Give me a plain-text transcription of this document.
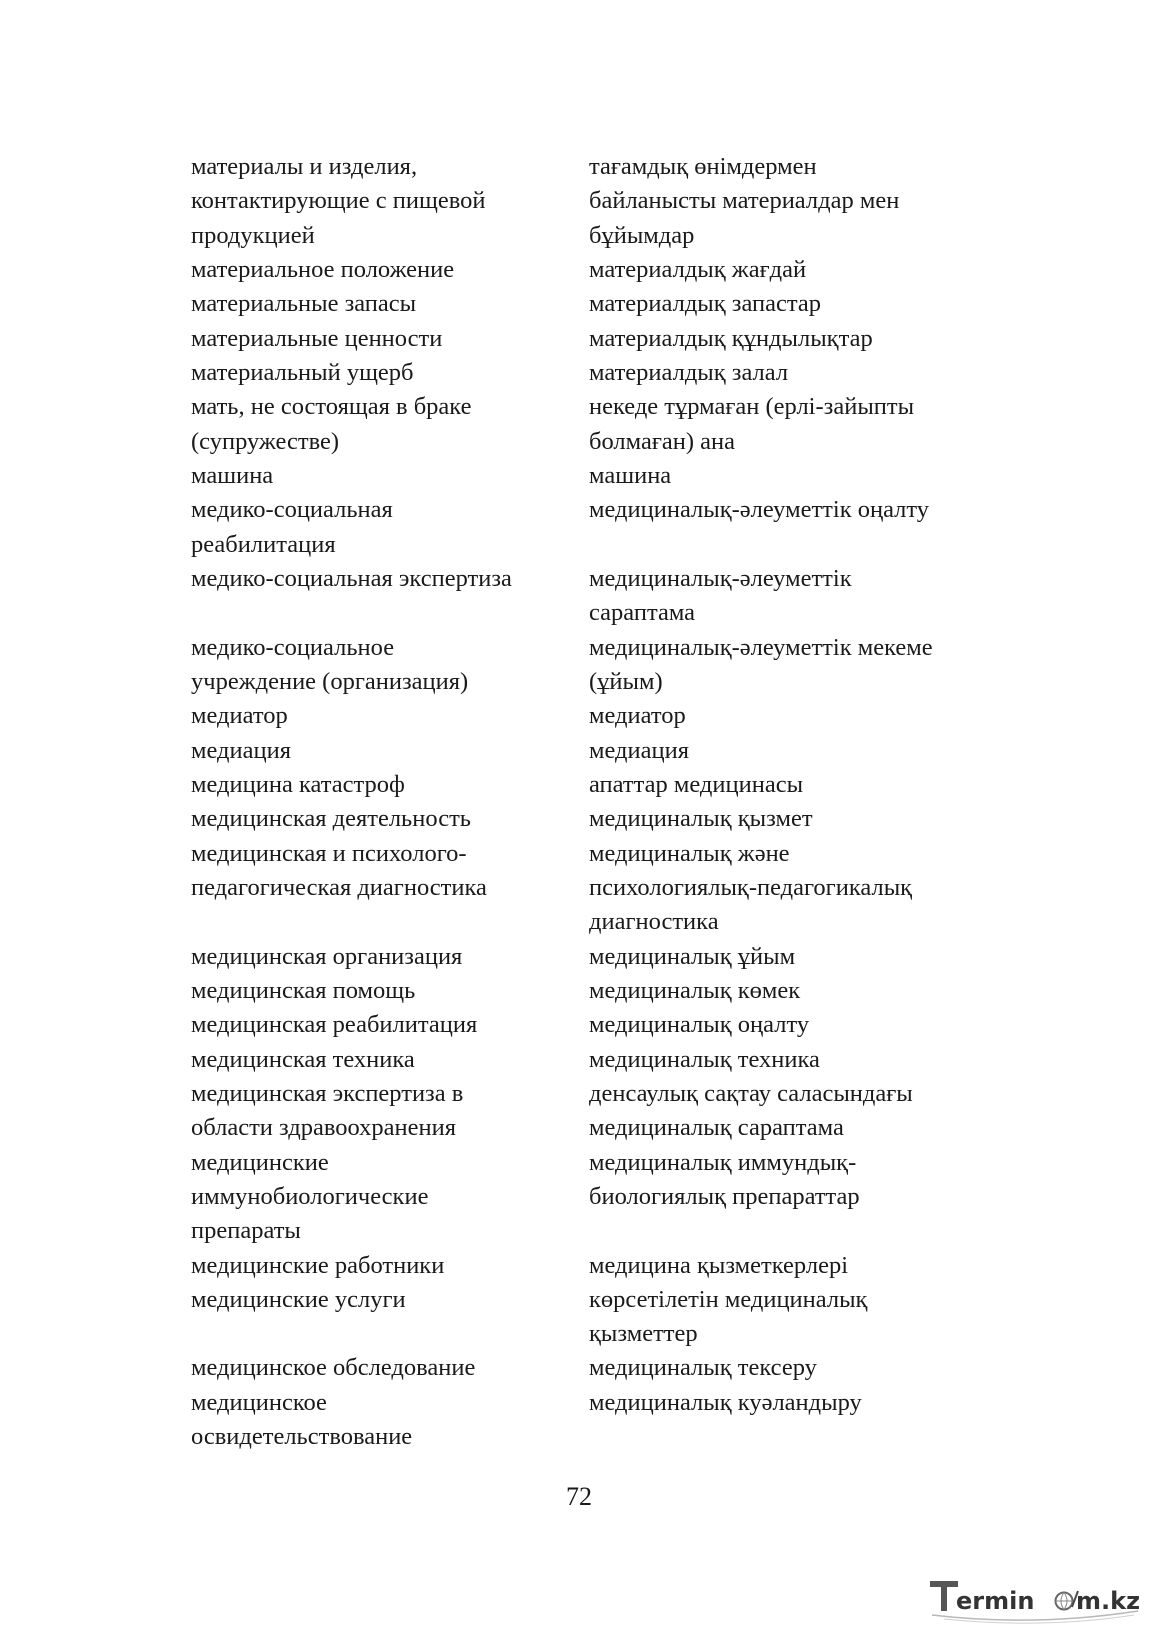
материалы и изделия,	тағамдық өнімдермен
контактирующие с пищевой	байланысты материалдар мен
продукцией	бұйымдар
материальное положение	материалдық жағдай
материальные запасы	материалдық запастар
материальные ценности	материалдық құндылықтар
материальный ущерб	материалдық залал
мать, не состоящая в браке	некеде тұрмаған (ерлі-зайыпты
(супружестве)	болмаған) ана
машина	машина
медико-социальная	медициналық-әлеуметтік оңалту
реабилитация
медико-социальная экспертиза	медициналық-әлеуметтік
сараптама
медико-социальное	медициналық-әлеуметтік мекеме
учреждение (организация)	(ұйым)
медиатор	медиатор
медиация	медиация
медицина катастроф	апаттар медицинасы
медицинская деятельность	медициналық қызмет
медицинская и психолого-	медициналық және
педагогическая диагностика	психологиялық-педагогикалық
диагностика
медицинская организация	медициналық ұйым
медицинская помощь	медициналық көмек
медицинская реабилитация	медициналық оңалту
медицинская техника	медициналық техника
медицинская экспертиза в	денсаулық сақтау саласындағы
области здравоохранения	медициналық сараптама
медицинские	медициналық иммундық-
иммунобиологические	биологиялық препараттар
препараты
медицинские работники	медицина қызметкерлері
медицинские услуги	көрсетілетін медициналық
қызметтер
медицинское обследование	медициналық тексеру
медицинское	медициналық куәландыру
освидетельствование
72
ermin m.kz
